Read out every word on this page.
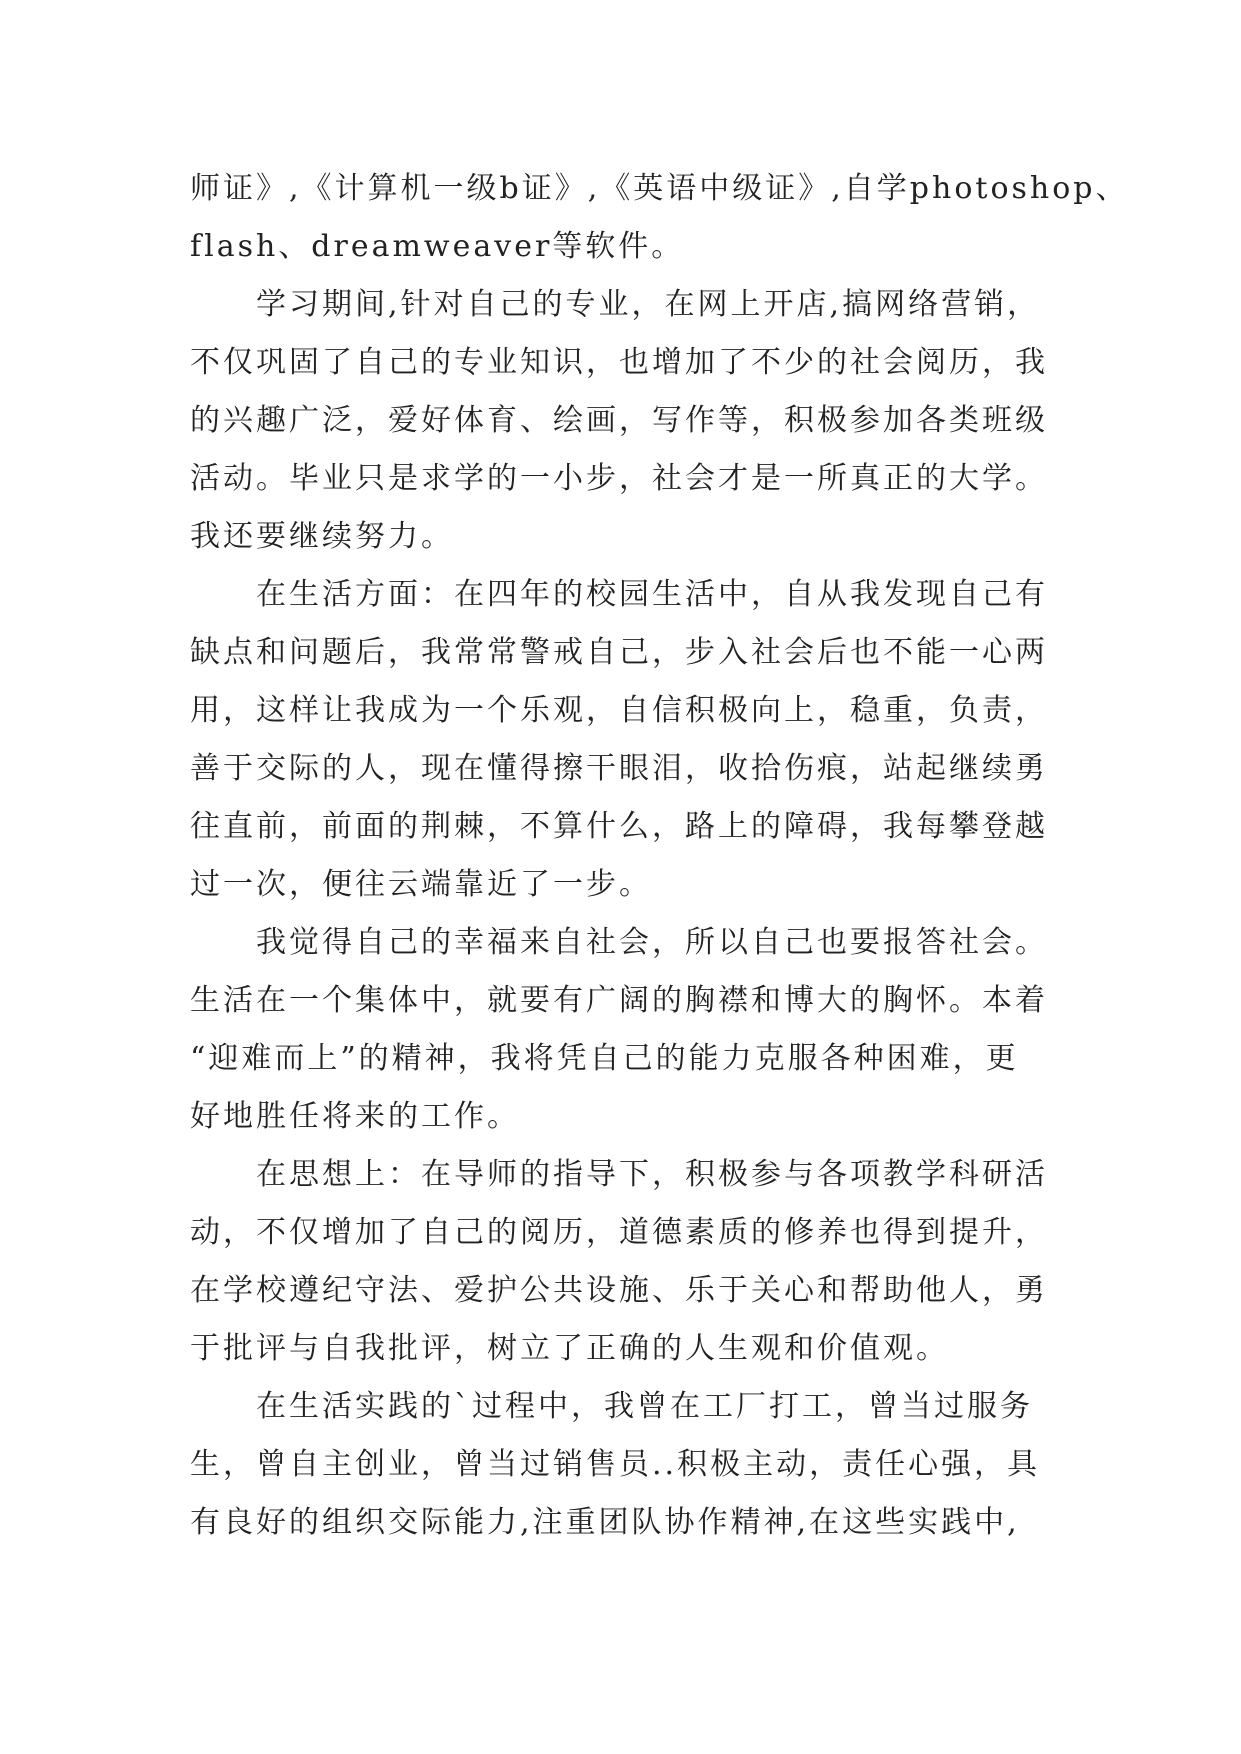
师证》,《计算机一级b证》,《英语中级证》,自学photoshop、
flash、dreamweaver等软件。
学习期间,针对自己的专业，在网上开店,搞网络营销，
不仅巩固了自己的专业知识，也增加了不少的社会阅历，我
的兴趣广泛，爱好体育、绘画，写作等，积极参加各类班级
活动。毕业只是求学的一小步，社会才是一所真正的大学。
我还要继续努力。
在生活方面：在四年的校园生活中，自从我发现自己有
缺点和问题后，我常常警戒自己，步入社会后也不能一心两
用，这样让我成为一个乐观，自信积极向上，稳重，负责，
善于交际的人，现在懂得擦干眼泪，收拾伤痕，站起继续勇
往直前，前面的荆棘，不算什么，路上的障碍，我每攀登越
过一次，便往云端靠近了一步。
我觉得自己的幸福来自社会，所以自己也要报答社会。
生活在一个集体中，就要有广阔的胸襟和博大的胸怀。本着
“迎难而上”的精神，我将凭自己的能力克服各种困难，更
好地胜任将来的工作。
在思想上：在导师的指导下，积极参与各项教学科研活
动，不仅增加了自己的阅历，道德素质的修养也得到提升，
在学校遵纪守法、爱护公共设施、乐于关心和帮助他人，勇
于批评与自我批评，树立了正确的人生观和价值观。
在生活实践的`过程中，我曾在工厂打工，曾当过服务
生，曾自主创业，曾当过销售员..积极主动，责任心强，具
有良好的组织交际能力,注重团队协作精神,在这些实践中,
